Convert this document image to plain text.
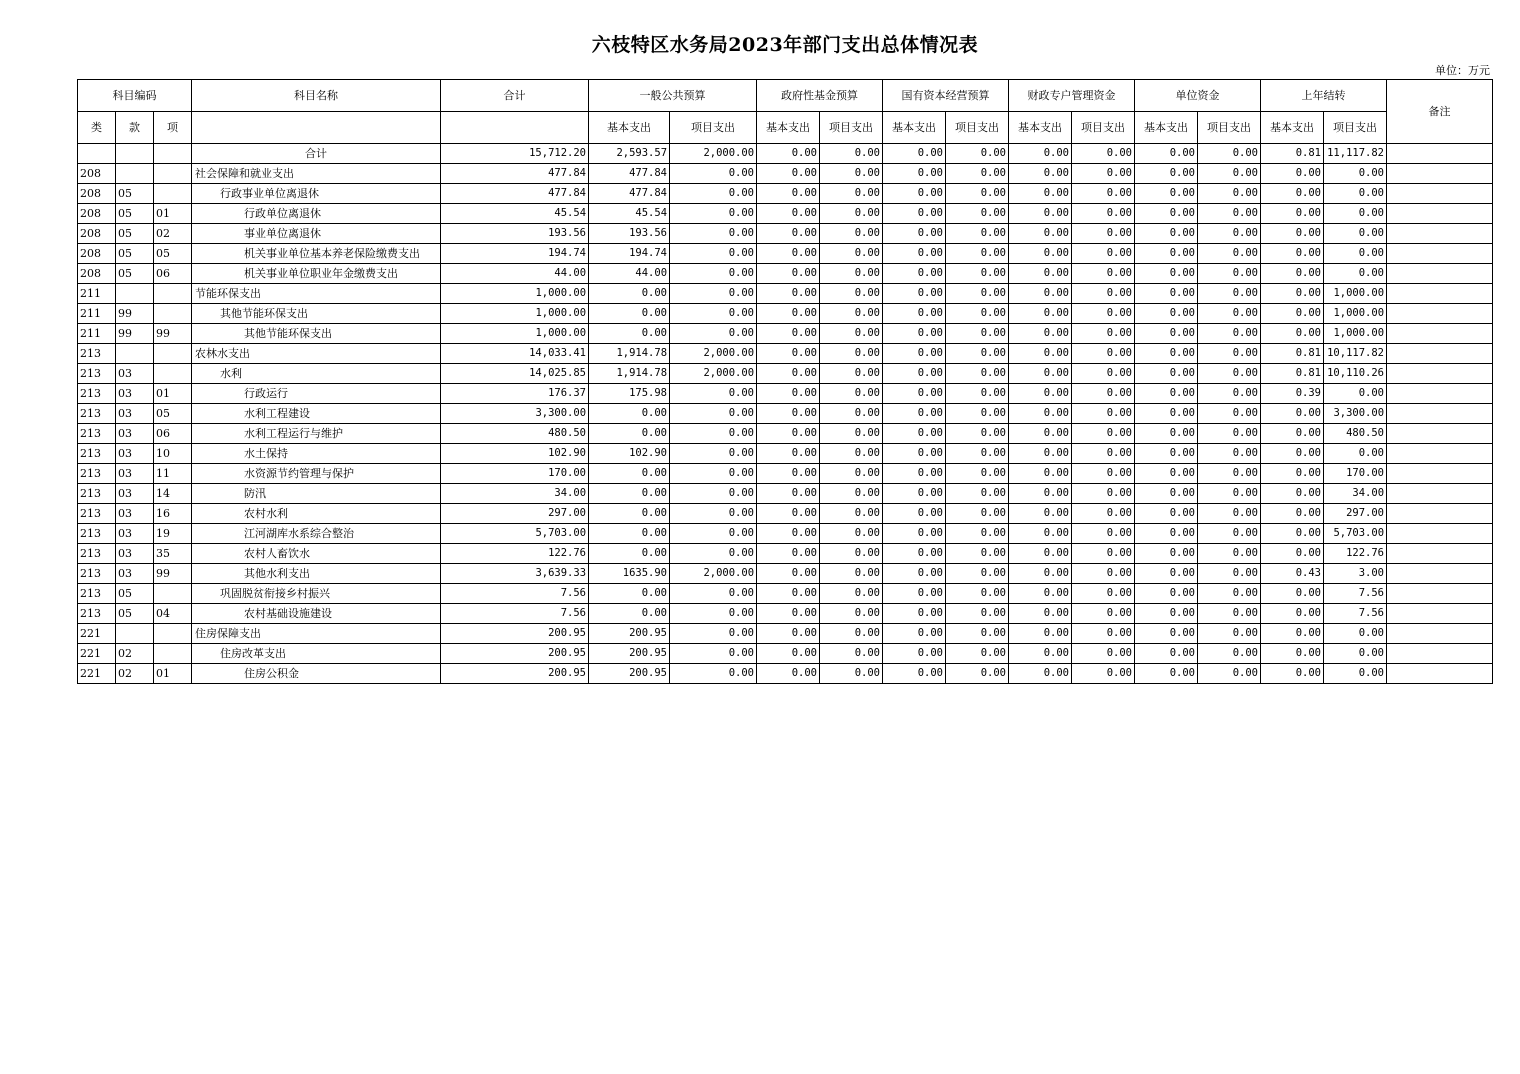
六枝特区水务局2023年部门支出总体情况表
单位：万元
科目编码			科目名称	合计	一般公共预算		政府性基金预算		国有资本经营预算		财政专户管理资金		单位资金		上年结转		备注
类	款	项			基本支出	项目支出	基本支出	项目支出	基本支出	项目支出	基本支出	项目支出	基本支出	项目支出	基本支出	项目支出	
			合计	15,712.20	2,593.57	2,000.00	0.00	0.00	0.00	0.00	0.00	0.00	0.00	0.00	0.81	11,117.82	
208			社会保障和就业支出	477.84	477.84	0.00	0.00	0.00	0.00	0.00	0.00	0.00	0.00	0.00	0.00	0.00	
208	05		行政事业单位离退休	477.84	477.84	0.00	0.00	0.00	0.00	0.00	0.00	0.00	0.00	0.00	0.00	0.00	
208	05	01	行政单位离退休	45.54	45.54	0.00	0.00	0.00	0.00	0.00	0.00	0.00	0.00	0.00	0.00	0.00	
208	05	02	事业单位离退休	193.56	193.56	0.00	0.00	0.00	0.00	0.00	0.00	0.00	0.00	0.00	0.00	0.00	
208	05	05	机关事业单位基本养老保险缴费支出	194.74	194.74	0.00	0.00	0.00	0.00	0.00	0.00	0.00	0.00	0.00	0.00	0.00	
208	05	06	机关事业单位职业年金缴费支出	44.00	44.00	0.00	0.00	0.00	0.00	0.00	0.00	0.00	0.00	0.00	0.00	0.00	
211			节能环保支出	1,000.00	0.00	0.00	0.00	0.00	0.00	0.00	0.00	0.00	0.00	0.00	0.00	1,000.00	
211	99		其他节能环保支出	1,000.00	0.00	0.00	0.00	0.00	0.00	0.00	0.00	0.00	0.00	0.00	0.00	1,000.00	
211	99	99	其他节能环保支出	1,000.00	0.00	0.00	0.00	0.00	0.00	0.00	0.00	0.00	0.00	0.00	0.00	1,000.00	
213			农林水支出	14,033.41	1,914.78	2,000.00	0.00	0.00	0.00	0.00	0.00	0.00	0.00	0.00	0.81	10,117.82	
213	03		水利	14,025.85	1,914.78	2,000.00	0.00	0.00	0.00	0.00	0.00	0.00	0.00	0.00	0.81	10,110.26	
213	03	01	行政运行	176.37	175.98	0.00	0.00	0.00	0.00	0.00	0.00	0.00	0.00	0.00	0.39	0.00	
213	03	05	水利工程建设	3,300.00	0.00	0.00	0.00	0.00	0.00	0.00	0.00	0.00	0.00	0.00	0.00	3,300.00	
213	03	06	水利工程运行与维护	480.50	0.00	0.00	0.00	0.00	0.00	0.00	0.00	0.00	0.00	0.00	0.00	480.50	
213	03	10	水土保持	102.90	102.90	0.00	0.00	0.00	0.00	0.00	0.00	0.00	0.00	0.00	0.00	0.00	
213	03	11	水资源节约管理与保护	170.00	0.00	0.00	0.00	0.00	0.00	0.00	0.00	0.00	0.00	0.00	0.00	170.00	
213	03	14	防汛	34.00	0.00	0.00	0.00	0.00	0.00	0.00	0.00	0.00	0.00	0.00	0.00	34.00	
213	03	16	农村水利	297.00	0.00	0.00	0.00	0.00	0.00	0.00	0.00	0.00	0.00	0.00	0.00	297.00	
213	03	19	江河湖库水系综合整治	5,703.00	0.00	0.00	0.00	0.00	0.00	0.00	0.00	0.00	0.00	0.00	0.00	5,703.00	
213	03	35	农村人畜饮水	122.76	0.00	0.00	0.00	0.00	0.00	0.00	0.00	0.00	0.00	0.00	0.00	122.76	
213	03	99	其他水利支出	3,639.33	1635.90	2,000.00	0.00	0.00	0.00	0.00	0.00	0.00	0.00	0.00	0.43	3.00	
213	05		巩固脱贫衔接乡村振兴	7.56	0.00	0.00	0.00	0.00	0.00	0.00	0.00	0.00	0.00	0.00	0.00	7.56	
213	05	04	农村基础设施建设	7.56	0.00	0.00	0.00	0.00	0.00	0.00	0.00	0.00	0.00	0.00	0.00	7.56	
221			住房保障支出	200.95	200.95	0.00	0.00	0.00	0.00	0.00	0.00	0.00	0.00	0.00	0.00	0.00	
221	02		住房改革支出	200.95	200.95	0.00	0.00	0.00	0.00	0.00	0.00	0.00	0.00	0.00	0.00	0.00	
221	02	01	住房公积金	200.95	200.95	0.00	0.00	0.00	0.00	0.00	0.00	0.00	0.00	0.00	0.00	0.00	
